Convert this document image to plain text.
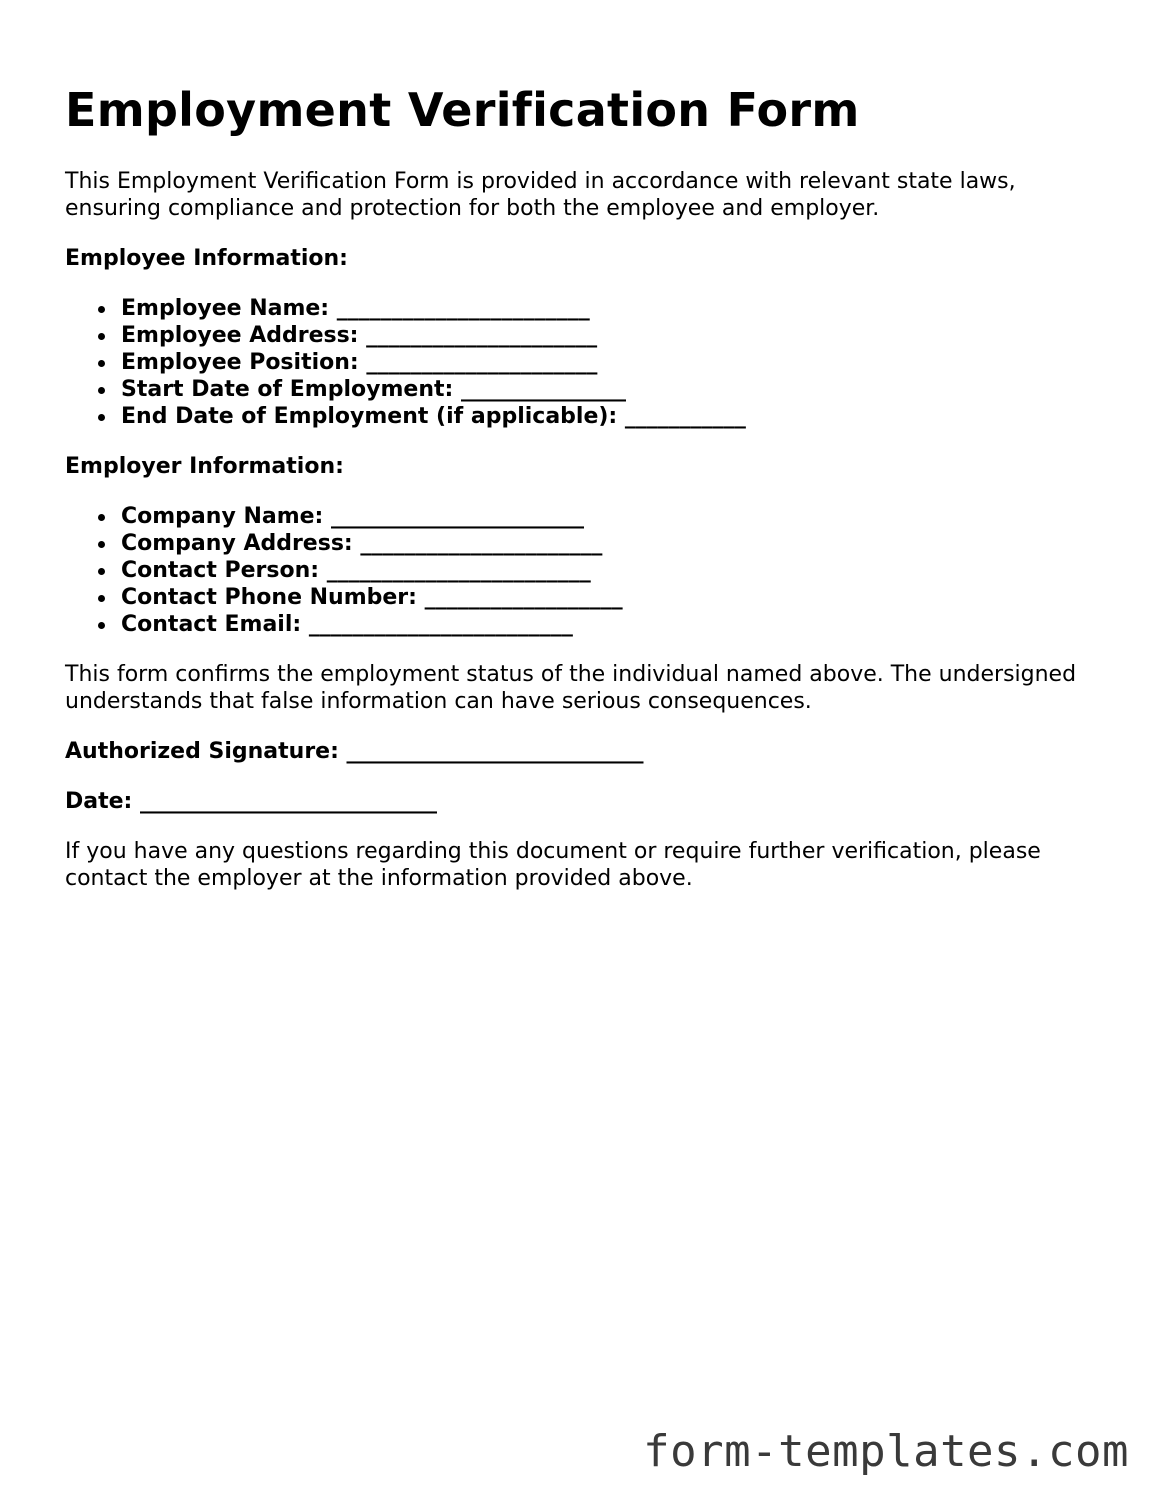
Employment Verification Form

This Employment Verification Form is provided in accordance with relevant state laws, ensuring compliance and protection for both the employee and employer.

Employee Information:

Employee Name: _______________________
Employee Address: _____________________
Employee Position: _____________________
Start Date of Employment: _______________
End Date of Employment (if applicable): ___________

Employer Information:

Company Name: _______________________
Company Address: ______________________
Contact Person: ________________________
Contact Phone Number: __________________
Contact Email: ________________________

This form confirms the employment status of the individual named above. The undersigned understands that false information can have serious consequences.

Authorized Signature: ___________________________

Date: ___________________________

If you have any questions regarding this document or require further verification, please contact the employer at the information provided above.

form-templates.com
